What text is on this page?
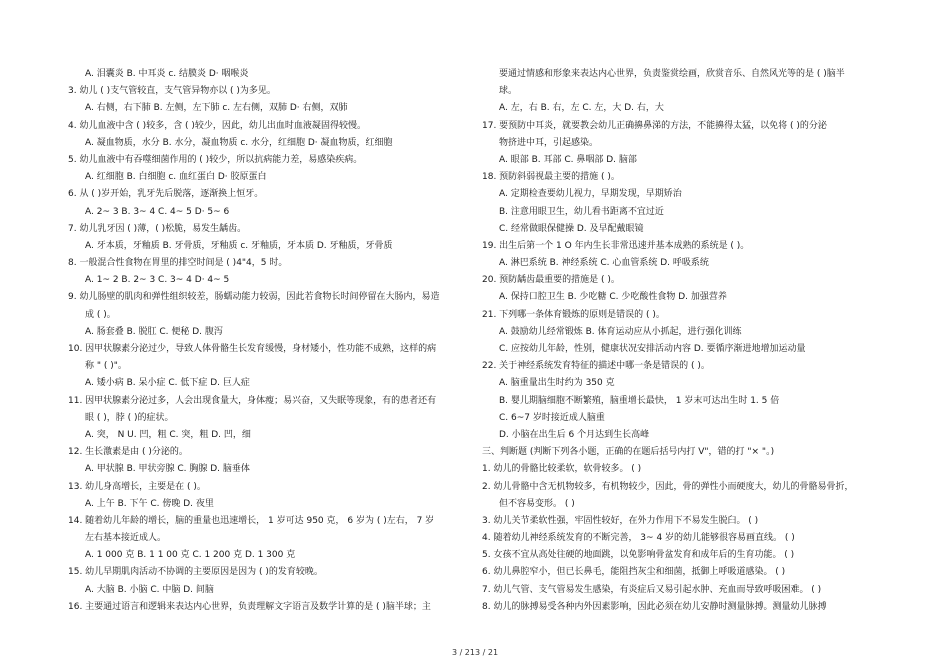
A. 泪囊炎 B. 中耳炎 c. 结膜炎 D· 咽喉炎
3. 幼儿 ( )支气管较直，支气管异物亦以 ( )为多见。
A. 右侧，右下肺 B. 左侧，左下肺 c. 左右侧，双肺 D· 右侧，双肺
4. 幼儿血液中含 ( )较多，含 ( )较少，因此，幼儿出血时血液凝固得较慢。
A. 凝血物质，水分 B. 水分，凝血物质 c. 水分，红细胞 D· 凝血物质，红细胞
5. 幼儿血液中有吞噬细菌作用的 ( )较少，所以抗病能力差，易感染疾病。
A. 红细胞 B. 白细胞 c. 血红蛋白 D· 胶原蛋白
6. 从 ( )岁开始，乳牙先后脱落，逐渐换上恒牙。
A. 2~ 3 B. 3~ 4 C. 4~ 5 D· 5~ 6
7. 幼儿乳牙因 ( )薄，( )松脆，易发生龋齿。
A. 牙本质，牙釉质 B. 牙骨质，牙釉质 c. 牙釉质，牙本质 D. 牙釉质，牙骨质
8. 一般混合性食物在胃里的排空时间是 ( )4"4，5 时。
A. 1~ 2 B. 2~ 3 C. 3~ 4 D· 4~ 5
9. 幼儿肠壁的肌肉和弹性组织较差，肠蠕动能力较弱，因此若食物长时间停留在大肠内，易造
成 ( )。
A. 肠套叠 B. 脱肛 C. 便秘 D. 腹泻
10. 因甲状腺素分泌过少，导致人体骨骼生长发育缓慢，身材矮小，性功能不成熟，这样的病
称 " ( )"。
A. 矮小病 B. 呆小症 C. 低下症 D. 巨人症
11. 因甲状腺素分泌过多，人会出现食量大，身体瘦；易兴奋，又失眠等现象，有的患者还有
眼 ( )，脖 ( )的症状。
A. 突， N U. 凹，粗 C. 突，粗 D. 凹，细
12. 生长激素是由 ( )分泌的。
A. 甲状腺 B. 甲状旁腺 C. 胸腺 D. 脑垂体
13. 幼儿身高增长，主要是在 ( )。
A. 上午 B. 下午 C. 傍晚 D. 夜里
14. 随着幼儿年龄的增长，脑的重量也迅速增长， 1 岁可达 950 克， 6 岁为 ( )左右， 7 岁
左右基本接近成人。
A. 1 000 克 B. 1 1 00 克 C. 1 200 克 D. 1 300 克
15. 幼儿早期肌肉活动不协调的主要原因是因为 ( )的发育较晚。
A. 大脑 B. 小脑 C. 中脑 D. 间脑
16. 主要通过语言和逻辑来表达内心世界，负责理解文字语言及数学计算的是 ( )脑半球；主
要通过情感和形象来表达内心世界，负责鉴赏绘画，欣赏音乐、自然风光等的是 ( )脑半
球。
A. 左，右 B. 右，左 C. 左，大 D. 右，大
17. 要预防中耳炎，就要教会幼儿正确擤鼻涕的方法，不能擤得太猛，以免将 ( )的分泌
物挤进中耳，引起感染。
A. 眼部 B. 耳部 C. 鼻咽部 D. 脑部
18. 预防斜弱视最主要的措施 ( )。
A. 定期检查要幼儿视力，早期发现，早期矫治
B. 注意用眼卫生，幼儿看书距离不宜过近
C. 经常做眼保健操 D. 及早配戴眼镜
19. 出生后第一个 1 O 年内生长非常迅速并基本成熟的系统是 ( )。
A. 淋巴系统 B. 神经系统 C. 心血管系统 D. 呼吸系统
20. 预防龋齿最重要的措施是 ( )。
A. 保持口腔卫生 B. 少吃糖 C. 少吃酸性食物 D. 加强营养
21. 下列哪一条体育锻炼的原则是错误的 ( )。
A. 鼓励幼儿经常锻炼 B. 体育运动应从小抓起，进行强化训练
C. 应按幼儿年龄，性别，健康状况安排活动内容 D. 要循序渐进地增加运动量
22. 关于神经系统发育特征的描述中哪一条是错误的 ( )。
A. 脑重量出生时约为 350 克
B. 婴儿期脑细胞不断繁殖，脑重增长最快， 1 岁末可达出生时 1. 5 倍
C. 6~7 岁时接近成人脑重
D. 小脑在出生后 6 个月达到生长高峰
三、判断题 (判断下列各小题，正确的在题后括号内打 V"，错的打 "× "。)
1. 幼儿的骨骼比较柔软，软骨较多。 ( )
2. 幼儿骨骼中含无机物较多，有机物较少，因此，骨的弹性小而硬度大，幼儿的骨骼易骨折，
但不容易变形。 ( )
3. 幼儿关节柔软性强，牢固性较好，在外力作用下不易发生脱臼。 ( )
4. 随着幼儿神经系统发育的不断完善， 3~ 4 岁的幼儿能够很容易画直线。 ( )
5. 女孩不宜从高处往硬的地面跳，以免影响骨盆发育和成年后的生育功能。 ( )
6. 幼儿鼻腔窄小，但已长鼻毛，能阻挡灰尘和细菌，抵御上呼吸道感染。 ( )
7. 幼儿气管、支气管易发生感染，有炎症后又易引起水肿、充血而导致呼吸困难。 ( )
8. 幼儿的脉搏易受各种内外因素影响，因此必须在幼儿安静时测量脉搏。测量幼儿脉搏
3 / 213 / 21
